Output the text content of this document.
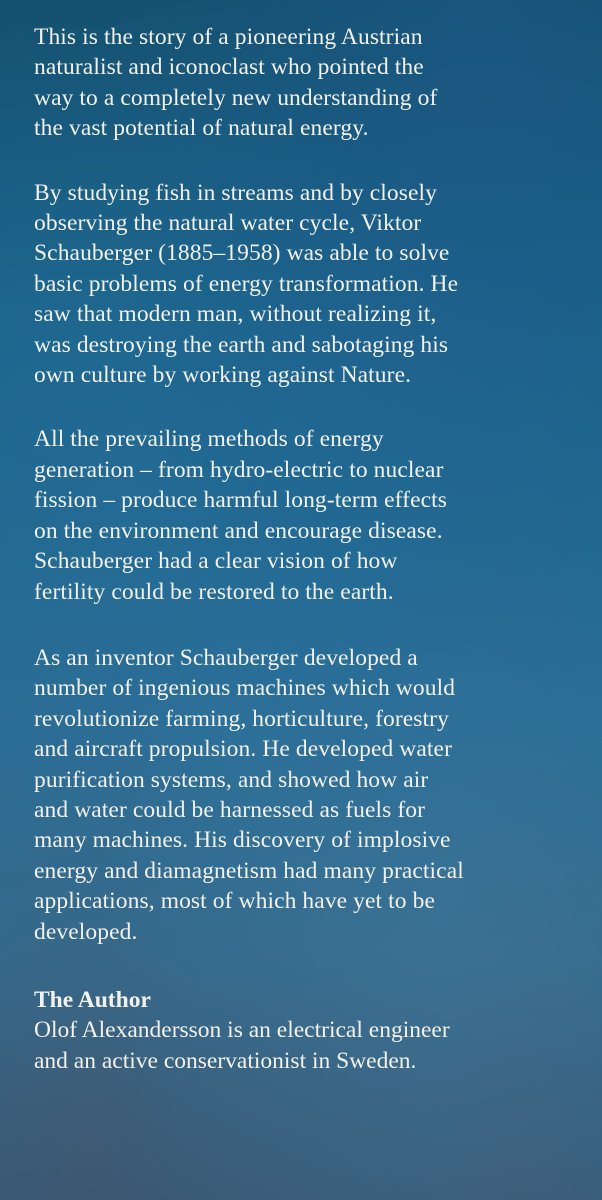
This is the story of a pioneering Austrian
naturalist and iconoclast who pointed the
way to a completely new understanding of
the vast potential of natural energy.

By studying fish in streams and by closely
observing the natural water cycle, Viktor
Schauberger (1885–1958) was able to solve
basic problems of energy transformation. He
saw that modern man, without realizing it,
was destroying the earth and sabotaging his
own culture by working against Nature.

All the prevailing methods of energy
generation – from hydro-electric to nuclear
fission – produce harmful long-term effects
on the environment and encourage disease.
Schauberger had a clear vision of how
fertility could be restored to the earth.

As an inventor Schauberger developed a
number of ingenious machines which would
revolutionize farming, horticulture, forestry
and aircraft propulsion. He developed water
purification systems, and showed how air
and water could be harnessed as fuels for
many machines. His discovery of implosive
energy and diamagnetism had many practical
applications, most of which have yet to be
developed.

The Author

Olof Alexandersson is an electrical engineer
and an active conservationist in Sweden.
